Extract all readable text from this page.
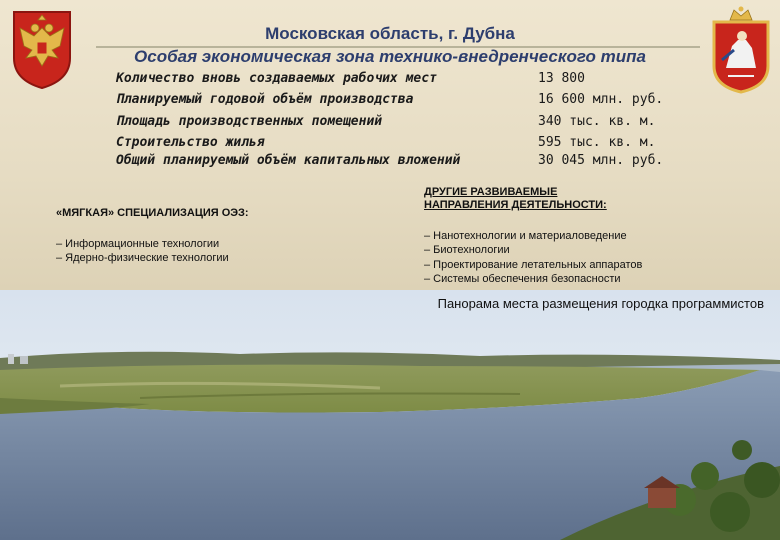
Московская область, г. Дубна
Особая экономическая зона технико-внедренческого типа
Количество вновь создаваемых рабочих мест	13 800
Планируемый годовой объём производства	16 600 млн. руб.
Площадь производственных помещений	340 тыс. кв. м.
Строительство жилья	595 тыс. кв. м.
Общий планируемый объём капитальных вложений	30 045 млн. руб.
«МЯГКАЯ» СПЕЦИАЛИЗАЦИЯ ОЭЗ:
– Информационные технологии
– Ядерно-физические технологии
ДРУГИЕ РАЗВИВАЕМЫЕ
НАПРАВЛЕНИЯ ДЕЯТЕЛЬНОСТИ:
– Нанотехнологии и материаловедение
– Биотехнологии
– Проектирование летательных аппаратов
– Системы обеспечения безопасности
Панорама места размещения городка программистов
